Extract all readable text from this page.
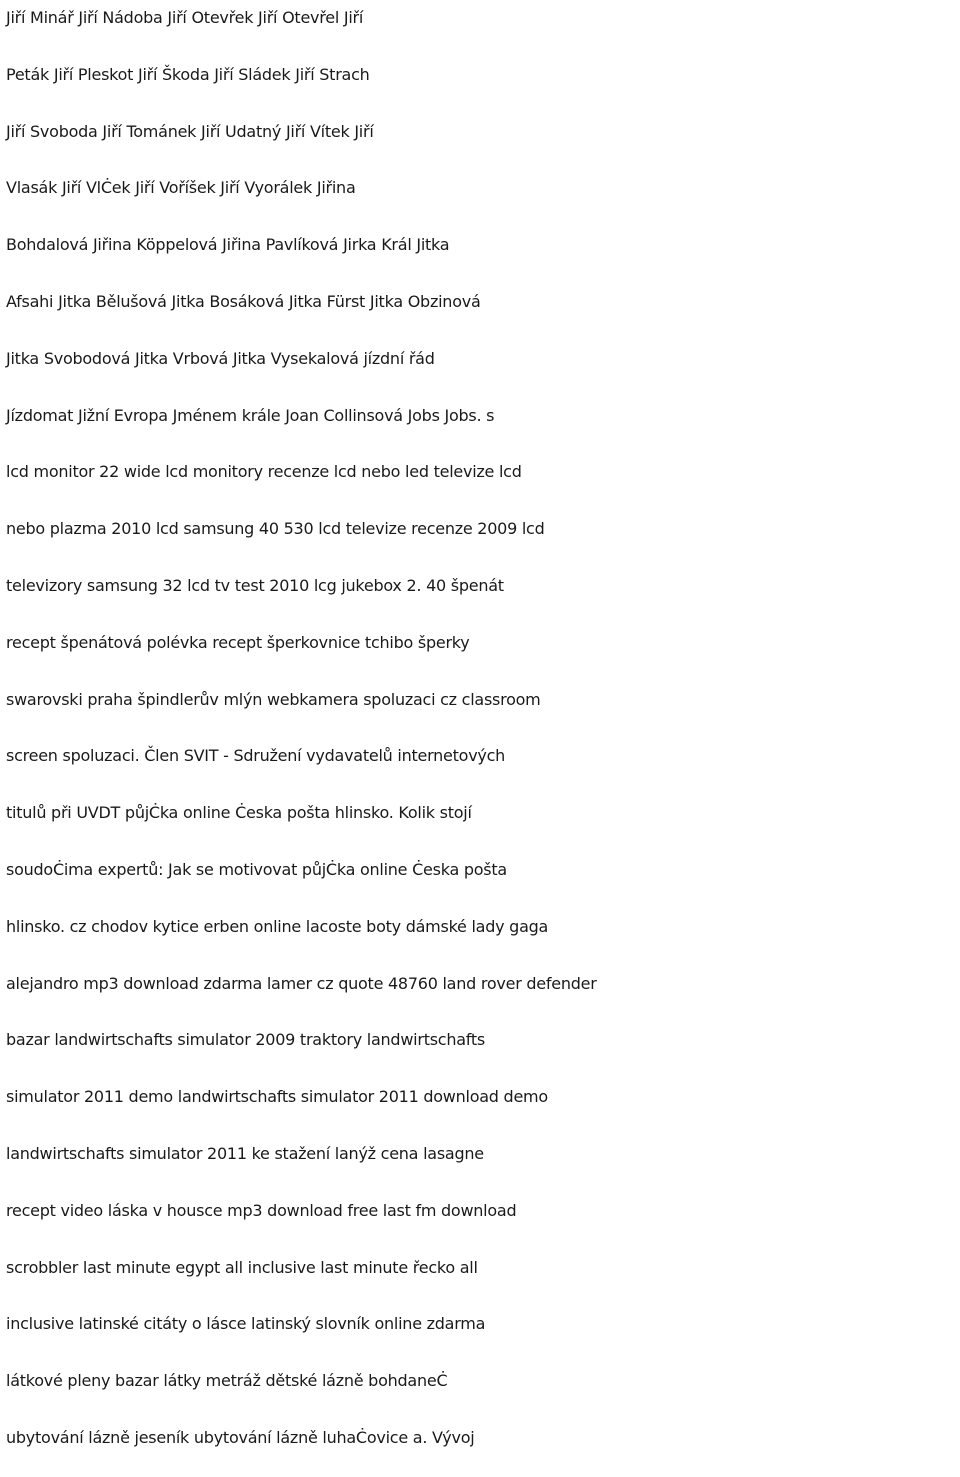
Jiří Minář Jiří Nádoba Jiří Otevřek Jiří Otevřel Jiří
Peták Jiří Pleskot Jiří Škoda Jiří Sládek Jiří Strach
Jiří Svoboda Jiří Tománek Jiří Udatný Jiří Vítek Jiří
Vlasák Jiří VlĊek Jiří Voříšek Jiří Vyorálek Jiřina
Bohdalová Jiřina Köppelová Jiřina Pavlíková Jirka Král Jitka
Afsahi Jitka Bělušová Jitka Bosáková Jitka Fürst Jitka Obzinová
Jitka Svobodová Jitka Vrbová Jitka Vysekalová jízdní řád
Jízdomat Jižní Evropa Jménem krále Joan Collinsová Jobs Jobs. s
lcd monitor 22 wide lcd monitory recenze lcd nebo led televize lcd
nebo plazma 2010 lcd samsung 40 530 lcd televize recenze 2009 lcd
televizory samsung 32 lcd tv test 2010 lcg jukebox 2. 40 špenát
recept špenátová polévka recept šperkovnice tchibo šperky
swarovski praha špindlerův mlýn webkamera spoluzaci cz classroom
screen spoluzaci. Člen SVIT - Sdružení vydavatelů internetových
titulů při UVDT půjĊka online Ċeska pošta hlinsko. Kolik stojí
soudoĊima expertů: Jak se motivovat půjĊka online Ċeska pošta
hlinsko. cz chodov kytice erben online lacoste boty dámské lady gaga
alejandro mp3 download zdarma lamer cz quote 48760 land rover defender
bazar landwirtschafts simulator 2009 traktory landwirtschafts
simulator 2011 demo landwirtschafts simulator 2011 download demo
landwirtschafts simulator 2011 ke stažení lanýž cena lasagne
recept video láska v housce mp3 download free last fm download
scrobbler last minute egypt all inclusive last minute řecko all
inclusive latinské citáty o lásce latinský slovník online zdarma
látkové pleny bazar látky metráž dětské lázně bohdaneĊ
ubytování lázně jeseník ubytování lázně luhaĊovice a. Vývoj
